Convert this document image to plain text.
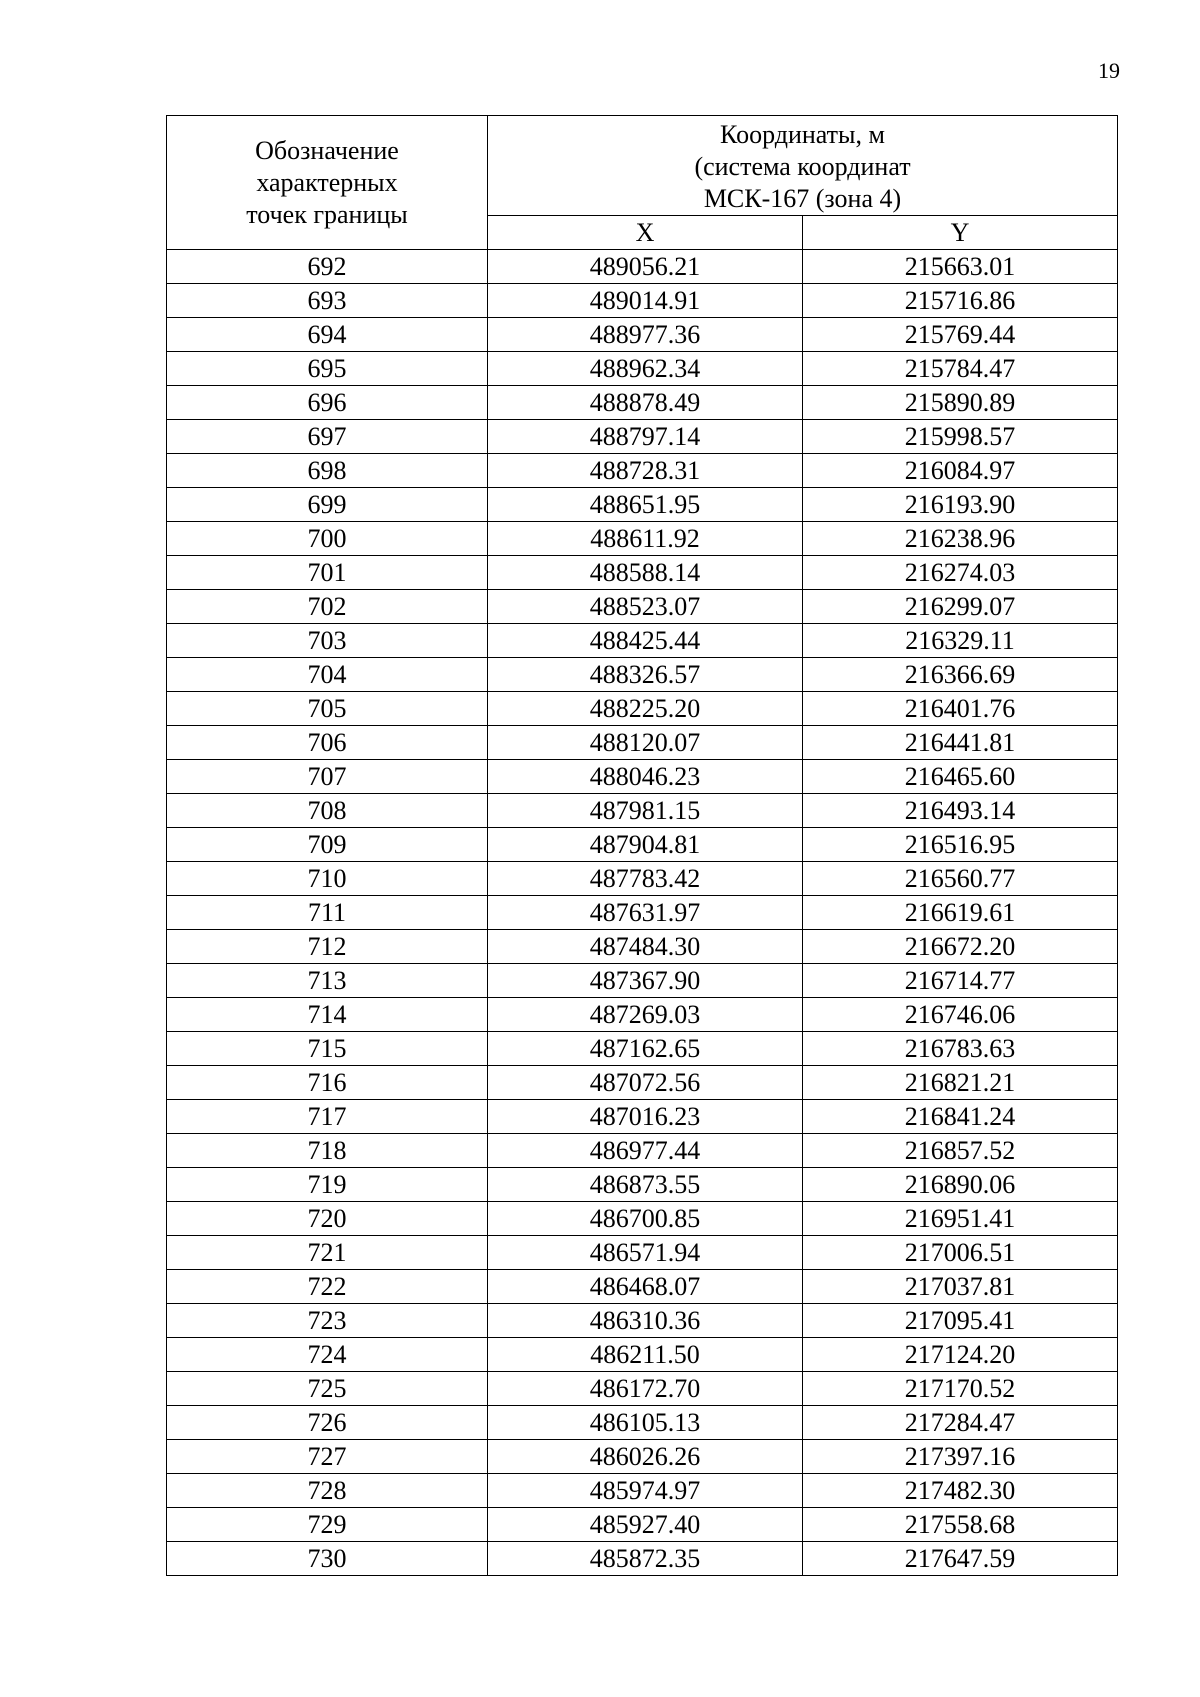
19
Обозначение
характерных
точек границы	Координаты, м
(система координат
МСК-167 (зона 4)	

	X	Y
692	489056.21	215663.01
693	489014.91	215716.86
694	488977.36	215769.44
695	488962.34	215784.47
696	488878.49	215890.89
697	488797.14	215998.57
698	488728.31	216084.97
699	488651.95	216193.90
700	488611.92	216238.96
701	488588.14	216274.03
702	488523.07	216299.07
703	488425.44	216329.11
704	488326.57	216366.69
705	488225.20	216401.76
706	488120.07	216441.81
707	488046.23	216465.60
708	487981.15	216493.14
709	487904.81	216516.95
710	487783.42	216560.77
711	487631.97	216619.61
712	487484.30	216672.20
713	487367.90	216714.77
714	487269.03	216746.06
715	487162.65	216783.63
716	487072.56	216821.21
717	487016.23	216841.24
718	486977.44	216857.52
719	486873.55	216890.06
720	486700.85	216951.41
721	486571.94	217006.51
722	486468.07	217037.81
723	486310.36	217095.41
724	486211.50	217124.20
725	486172.70	217170.52
726	486105.13	217284.47
727	486026.26	217397.16
728	485974.97	217482.30
729	485927.40	217558.68
730	485872.35	217647.59
